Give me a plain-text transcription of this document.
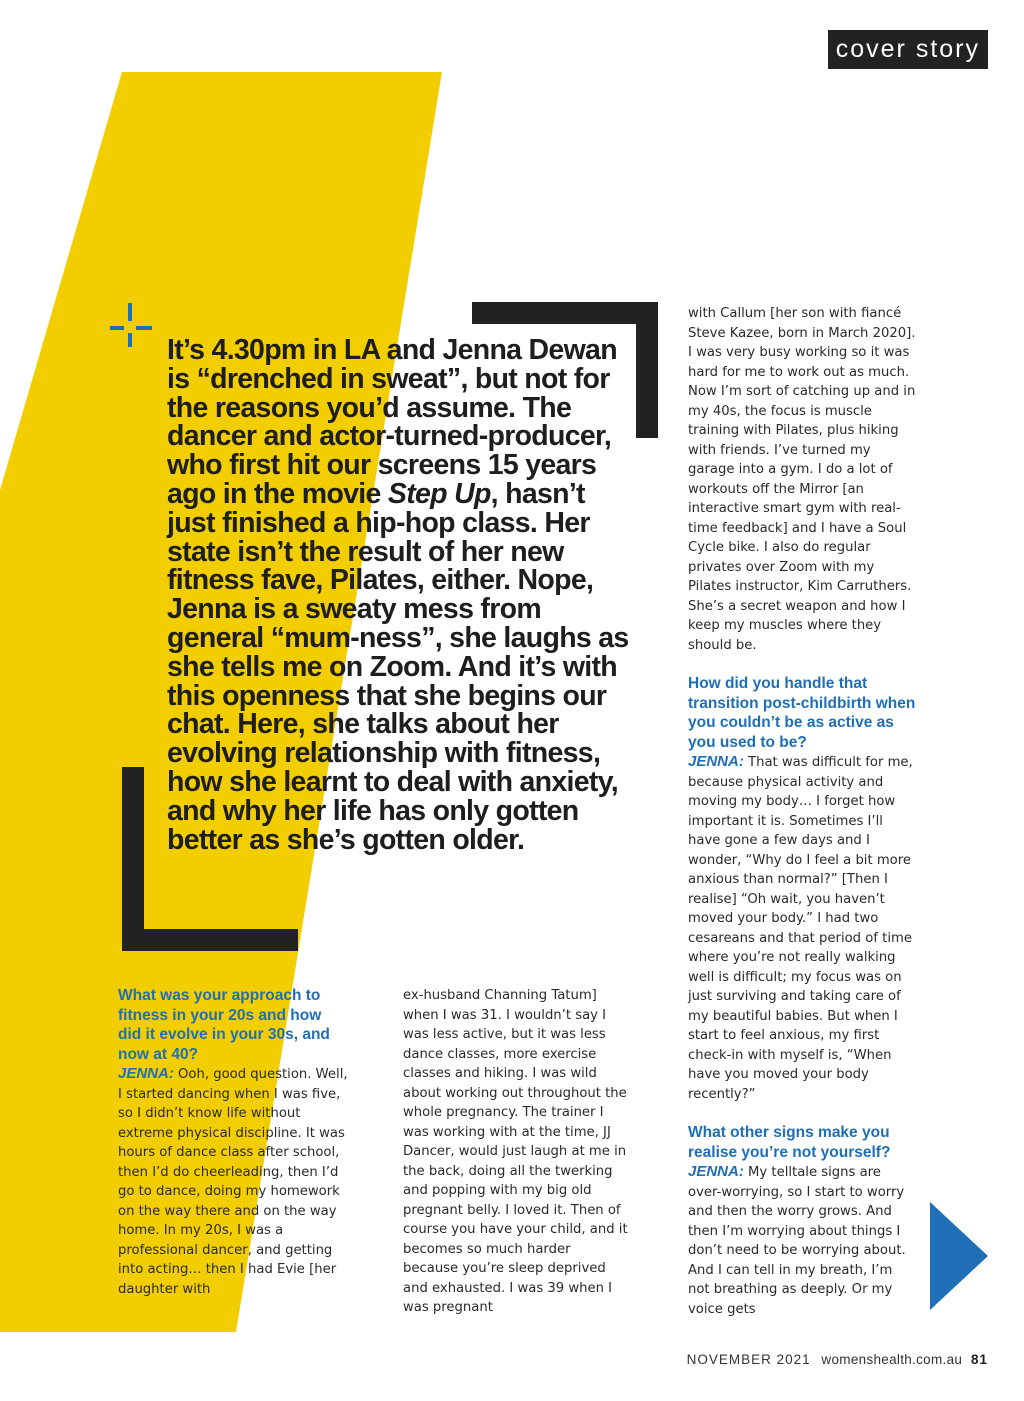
cover story
It’s 4.30pm in LA and Jenna Dewan is “drenched in sweat”, but not for the reasons you’d assume. The dancer and actor-turned-producer, who first hit our screens 15 years ago in the movie Step Up, hasn’t just finished a hip-hop class. Her state isn’t the result of her new fitness fave, Pilates, either. Nope, Jenna is a sweaty mess from general “mum-ness”, she laughs as she tells me on Zoom. And it’s with this openness that she begins our chat. Here, she talks about her evolving relationship with fitness, how she learnt to deal with anxiety, and why her life has only gotten better as she’s gotten older.

What was your approach to fitness in your 20s and how did it evolve in your 30s, and now at 40?

JENNA: Ooh, good question. Well, I started dancing when I was five, so I didn’t know life without extreme physical discipline. It was hours of dance class after school, then I’d do cheerleading, then I’d go to dance, doing my homework on the way there and on the way home. In my 20s, I was a professional dancer, and getting into acting… then I had Evie [her daughter with

ex-husband Channing Tatum] when I was 31. I wouldn’t say I was less active, but it was less dance classes, more exercise classes and hiking. I was wild about working out throughout the whole pregnancy. The trainer I was working with at the time, JJ Dancer, would just laugh at me in the back, doing all the twerking and popping with my big old pregnant belly. I loved it. Then of course you have your child, and it becomes so much harder because you’re sleep deprived and exhausted. I was 39 when I was pregnant

with Callum [her son with fiancé Steve Kazee, born in March 2020]. I was very busy working so it was hard for me to work out as much. Now I’m sort of catching up and in my 40s, the focus is muscle training with Pilates, plus hiking with friends. I’ve turned my garage into a gym. I do a lot of workouts off the Mirror [an interactive smart gym with real-time feedback] and I have a Soul Cycle bike. I also do regular privates over Zoom with my Pilates instructor, Kim Carruthers. She’s a secret weapon and how I keep my muscles where they should be.

How did you handle that transition post-childbirth when you couldn’t be as active as you used to be?

JENNA: That was difficult for me, because physical activity and moving my body… I forget how important it is. Sometimes I’ll have gone a few days and I wonder, “Why do I feel a bit more anxious than normal?” [Then I realise] “Oh wait, you haven’t moved your body.” I had two cesareans and that period of time where you’re not really walking well is difficult; my focus was on just surviving and taking care of my beautiful babies. But when I start to feel anxious, my first check-in with myself is, “When have you moved your body recently?”

What other signs make you realise you’re not yourself?

JENNA: My telltale signs are over-worrying, so I start to worry and then the worry grows. And then I’m worrying about things I don’t need to be worrying about. And I can tell in my breath, I’m not breathing as deeply. Or my voice gets

NOVEMBER 2021 womenshealth.com.au 81
